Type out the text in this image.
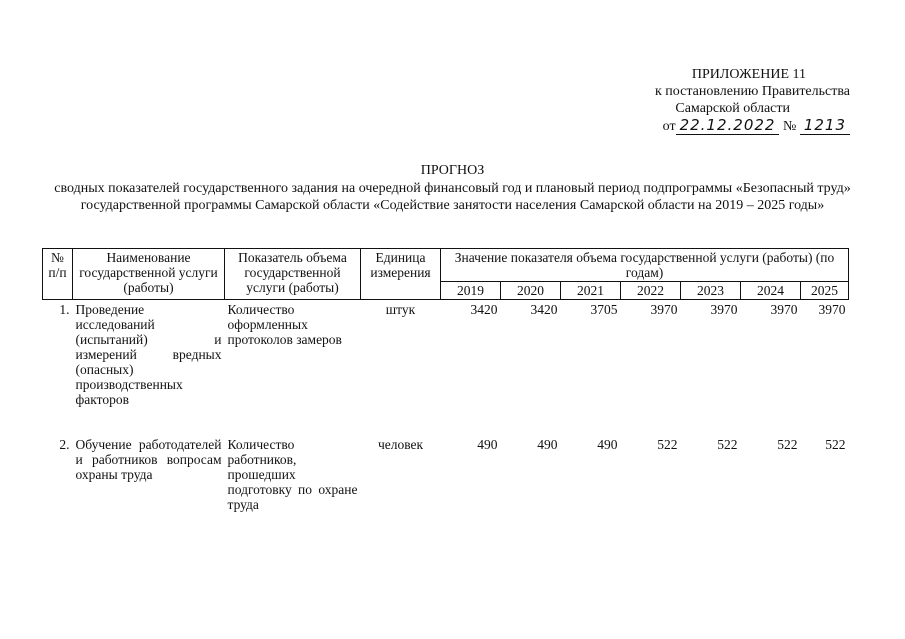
ПРИЛОЖЕНИЕ 11
к постановлению Правительства
Самарской области
от 22.12.2022 № 1213
ПРОГНОЗ
сводных показателей государственного задания на очередной финансовый год и плановый период подпрограммы «Безопасный труд» государственной программы Самарской области «Содействие занятости населения Самарской области на 2019 – 2025 годы»
№ п/п	Наименование государственной услуги (работы)	Показатель объема государственной услуги (работы)	Единица измерения	Значение показателя объема государственной услуги (работы) (по годам)						
				2019	2020	2021	2022	2023	2024	2025
1.	Проведение исследований (испытаний) и измерений вредных (опасных) производственных факторов	Количество оформленных протоколов замеров	штук	3420	3420	3705	3970	3970	3970	3970
2.	Обучение работодателей и работников вопросам охраны труда	Количество работников, прошедших подготовку по охране труда	человек	490	490	490	522	522	522	522
